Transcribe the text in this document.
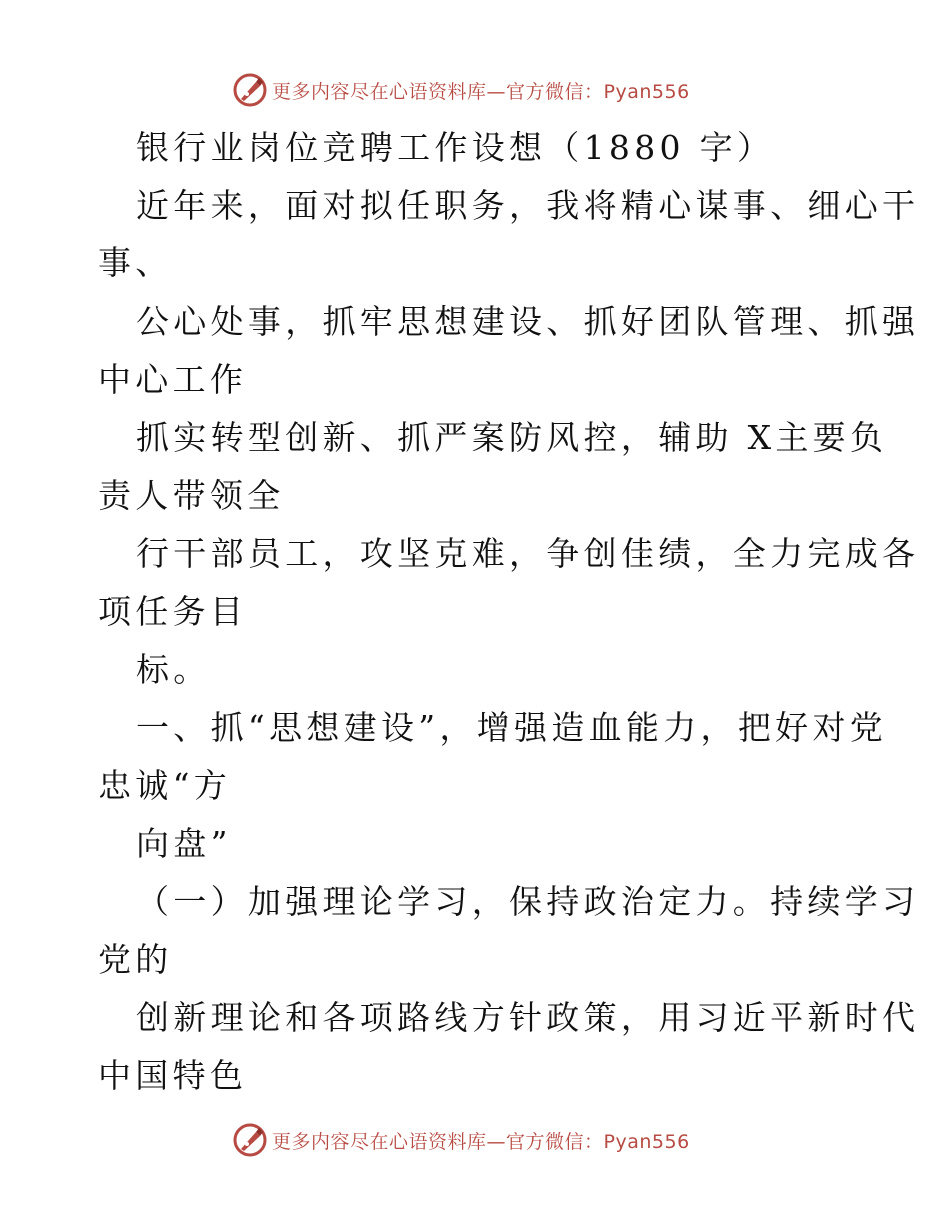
更多内容尽在心语资料库—官方微信：Pyan556
银行业岗位竞聘工作设想（1880 字）
近年来，面对拟任职务，我将精心谋事、细心干
事、
公心处事，抓牢思想建设、抓好团队管理、抓强
中心工作
抓实转型创新、抓严案防风控，辅助 X主要负
责人带领全
行干部员工，攻坚克难，争创佳绩，全力完成各
项任务目
标。
一、抓“思想建设”，增强造血能力，把好对党
忠诚“方
向盘”
（一）加强理论学习，保持政治定力。持续学习
党的
创新理论和各项路线方针政策，用习近平新时代
中国特色
更多内容尽在心语资料库—官方微信：Pyan556
